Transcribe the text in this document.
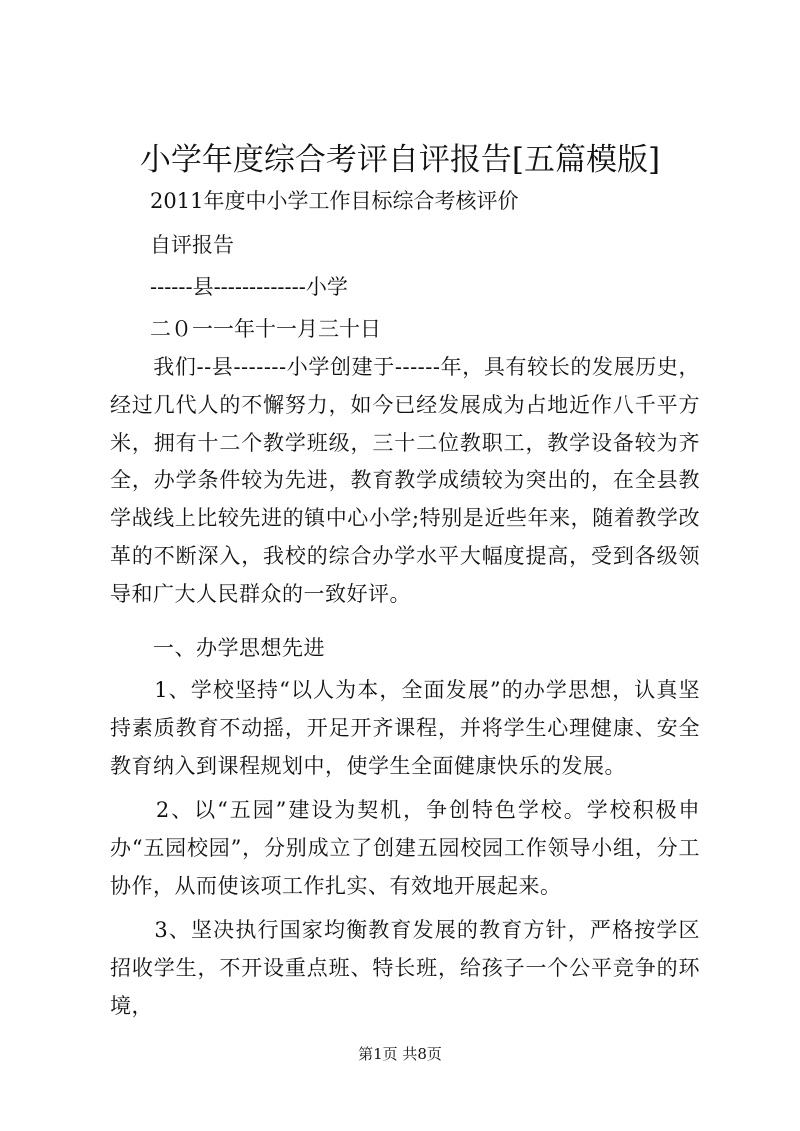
小学年度综合考评自评报告[五篇模版]
2011年度中小学工作目标综合考核评价
自评报告
------县-------------小学
二０一一年十一月三十日
　　我们--县-------小学创建于------年，具有较长的发展历史，经过几代人的不懈努力，如今已经发展成为占地近作八千平方米，拥有十二个教学班级，三十二位教职工，教学设备较为齐全，办学条件较为先进，教育教学成绩较为突出的，在全县教学战线上比较先进的镇中心小学;特别是近些年来，随着教学改革的不断深入，我校的综合办学水平大幅度提高，受到各级领导和广大人民群众的一致好评。
　　一、办学思想先进
　　1、学校坚持“以人为本，全面发展”的办学思想，认真坚持素质教育不动摇，开足开齐课程，并将学生心理健康、安全教育纳入到课程规划中，使学生全面健康快乐的发展。
　　2、以“五园”建设为契机，争创特色学校。学校积极申办“五园校园”，分别成立了创建五园校园工作领导小组，分工协作，从而使该项工作扎实、有效地开展起来。
　　3、坚决执行国家均衡教育发展的教育方针，严格按学区招收学生，不开设重点班、特长班，给孩子一个公平竞争的环境，
第1页 共8页
